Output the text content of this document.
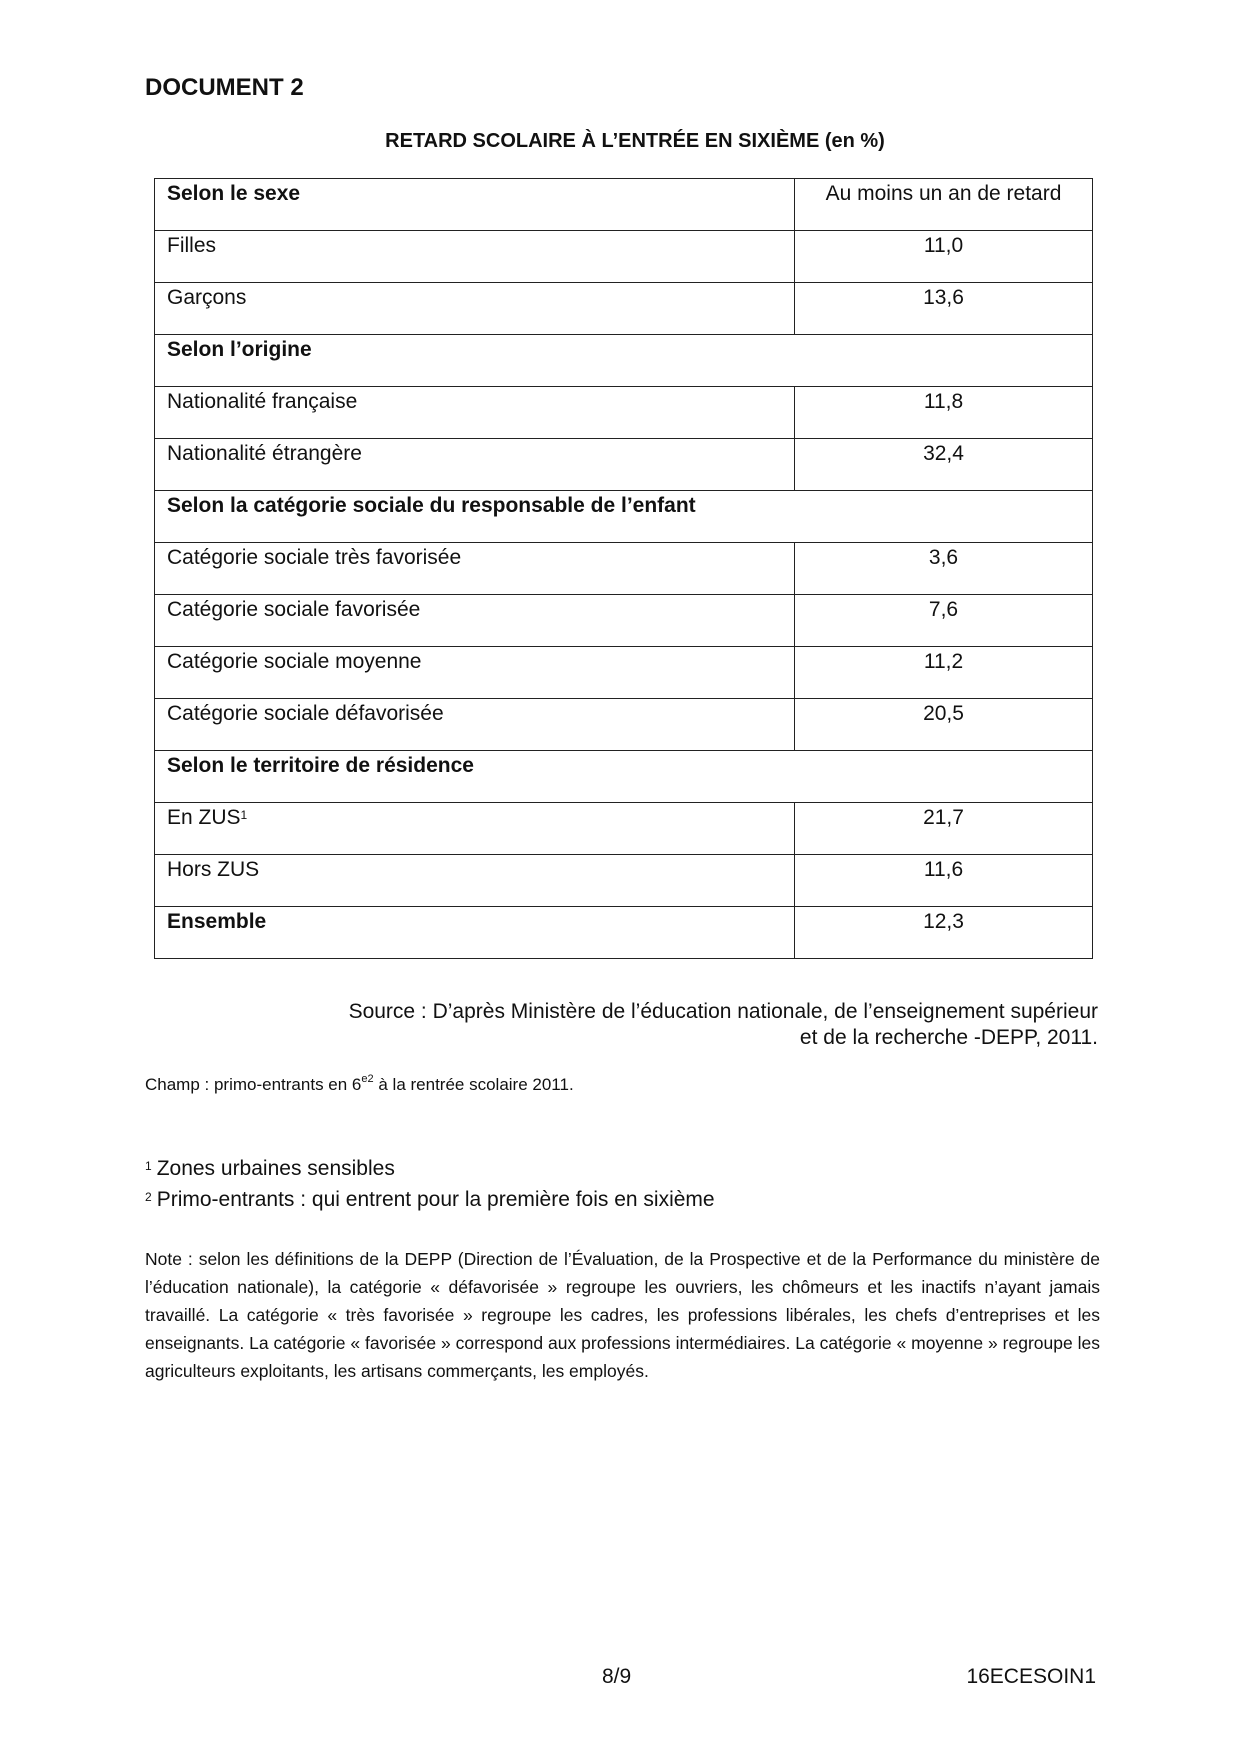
DOCUMENT 2
RETARD SCOLAIRE À L’ENTRÉE EN SIXIÈME (en %)
Selon le sexe	Au moins un an de retard
Filles	11,0
Garçons	13,6
Selon l’origine	
Nationalité française	11,8
Nationalité étrangère	32,4
Selon la catégorie sociale du responsable de l’enfant	
Catégorie sociale très favorisée	3,6
Catégorie sociale favorisée	7,6
Catégorie sociale moyenne	11,2
Catégorie sociale défavorisée	20,5
Selon le territoire de résidence	
En ZUS$^1$	21,7
Hors ZUS	11,6
Ensemble	12,3
Source : D’après Ministère de l’éducation nationale, de l’enseignement supérieur
et de la recherche -DEPP, 2011.
Champ : primo-entrants en $6^{e2}$ à la rentrée scolaire 2011.
$^1$ Zones urbaines sensibles
$^2$ Primo-entrants : qui entrent pour la première fois en sixième
Note : selon les définitions de la DEPP (Direction de l’Évaluation, de la Prospective et de la Performance du ministère de l’éducation nationale), la catégorie « défavorisée » regroupe les ouvriers, les chômeurs et les inactifs n’ayant jamais travaillé. La catégorie « très favorisée » regroupe les cadres, les professions libérales, les chefs d’entreprises et les enseignants. La catégorie « favorisée » correspond aux professions intermédiaires. La catégorie « moyenne » regroupe les agriculteurs exploitants, les artisans commerçants, les employés.
8/9	16ECESOIN1
